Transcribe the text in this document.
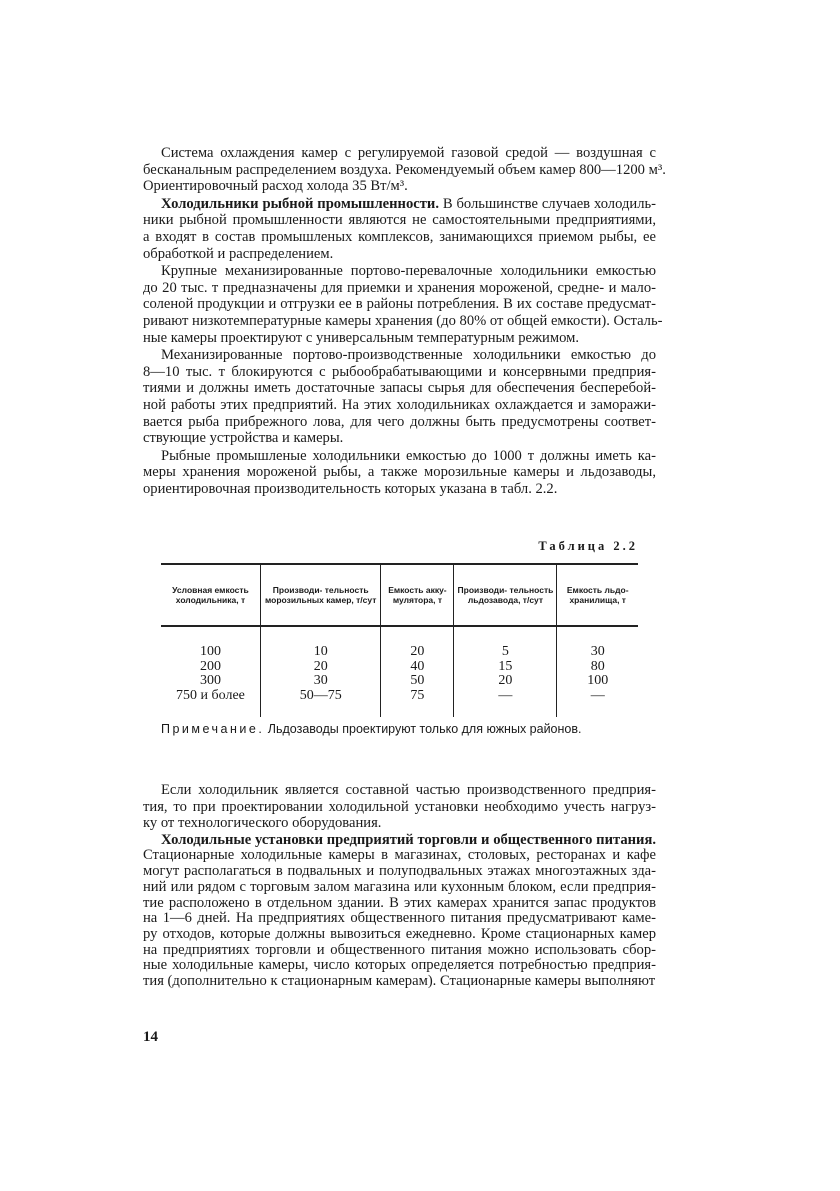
Система охлаждения камер с регулируемой газовой средой — воздушная с
бесканальным распределением воздуха. Рекомендуемый объем камер 800—1200 м³.
Ориентировочный расход холода 35 Вт/м³.
Холодильники рыбной промышленности. В большинстве случаев холодиль-
ники рыбной промышленности являются не самостоятельными предприятиями,
а входят в состав промышленых комплексов, занимающихся приемом рыбы, ее
обработкой и распределением.
Крупные механизированные портово-перевалочные холодильники емкостью
до 20 тыс. т предназначены для приемки и хранения мороженой, средне- и мало-
соленой продукции и отгрузки ее в районы потребления. В их составе предусмат-
ривают низкотемпературные камеры хранения (до 80% от общей емкости). Осталь-
ные камеры проектируют с универсальным температурным режимом.
Механизированные портово-производственные холодильники емкостью до
8—10 тыс. т блокируются с рыбообрабатывающими и консервными предприя-
тиями и должны иметь достаточные запасы сырья для обеспечения бесперебой-
ной работы этих предприятий. На этих холодильниках охлаждается и заморажи-
вается рыба прибрежного лова, для чего должны быть предусмотрены соответ-
ствующие устройства и камеры.
Рыбные промышленые холодильники емкостью до 1000 т должны иметь ка-
меры хранения мороженой рыбы, а также морозильные камеры и льдозаводы,
ориентировочная производительность которых указана в табл. 2.2.
Таблица 2.2
Условная емкость холодильника, т	Производи- тельность морозильных камер, т/сут	Емкость акку- мулятора, т	Производи- тельность льдозавода, т/сут	Емкость льдо- хранилища, т
100	10	20	5	30
200	20	40	15	80
300	30	50	20	100
750 и более	50—75	75	—	—
Примечание. Льдозаводы проектируют только для южных районов.
Если холодильник является составной частью производственного предприя-
тия, то при проектировании холодильной установки необходимо учесть нагруз-
ку от технологического оборудования.
Холодильные установки предприятий торговли и общественного питания.
Стационарные холодильные камеры в магазинах, столовых, ресторанах и кафе
могут располагаться в подвальных и полуподвальных этажах многоэтажных зда-
ний или рядом с торговым залом магазина или кухонным блоком, если предприя-
тие расположено в отдельном здании. В этих камерах хранится запас продуктов
на 1—6 дней. На предприятиях общественного питания предусматривают каме-
ру отходов, которые должны вывозиться ежедневно. Кроме стационарных камер
на предприятиях торговли и общественного питания можно использовать сбор-
ные холодильные камеры, число которых определяется потребностью предприя-
тия (дополнительно к стационарным камерам). Стационарные камеры выполняют
14
